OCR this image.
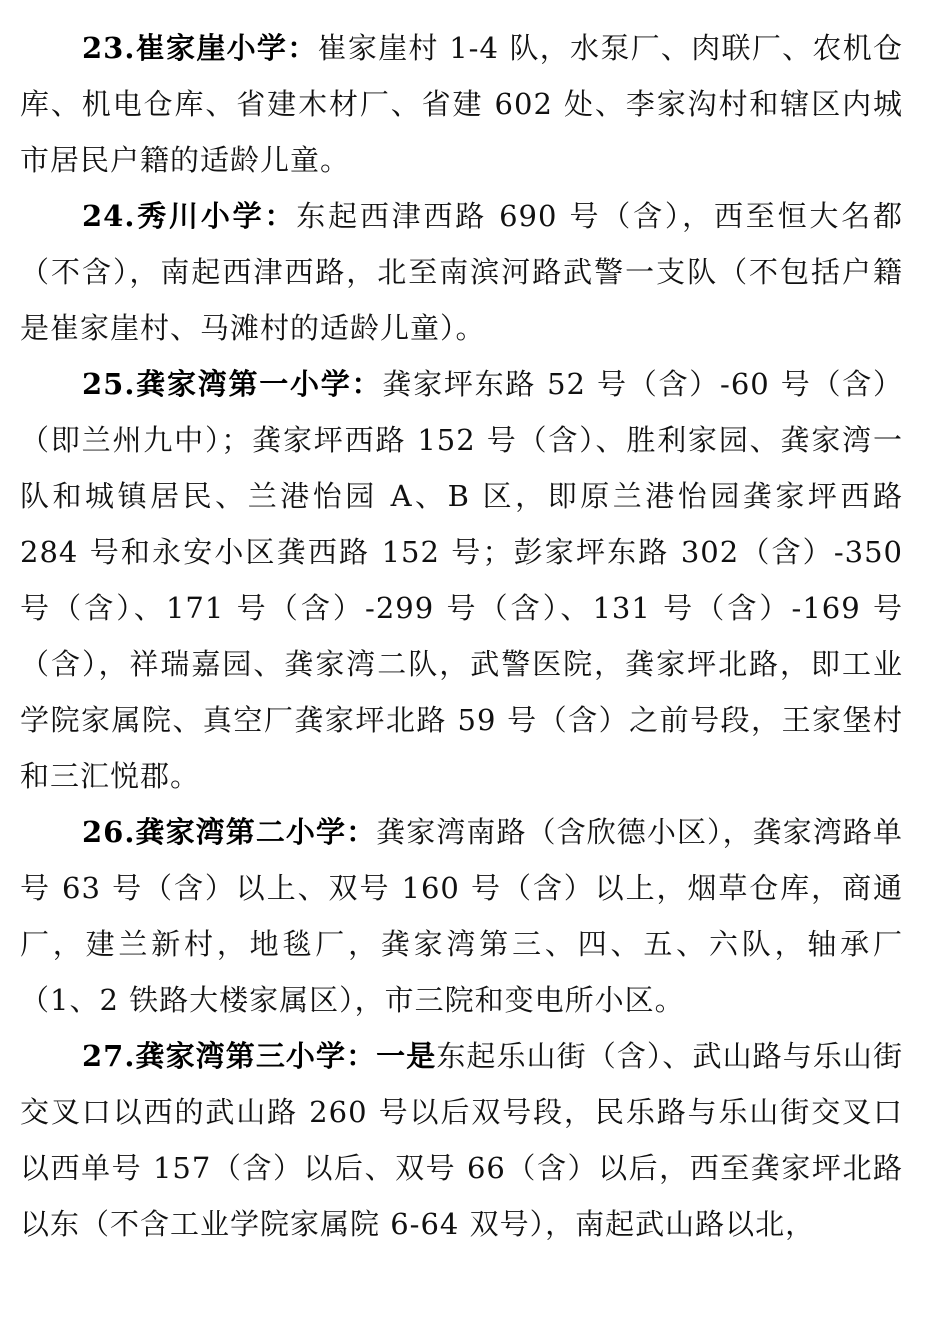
23.崔家崖小学：崔家崖村 1-4 队，水泵厂、肉联厂、农机仓库、机电仓库、省建木材厂、省建 602 处、李家沟村和辖区内城市居民户籍的适龄儿童。

24.秀川小学：东起西津西路 690 号（含），西至恒大名都（不含），南起西津西路，北至南滨河路武警一支队（不包括户籍是崔家崖村、马滩村的适龄儿童）。

25.龚家湾第一小学：龚家坪东路 52 号（含）-60 号（含）（即兰州九中）；龚家坪西路 152 号（含）、胜利家园、龚家湾一队和城镇居民、兰港怡园 A、B 区，即原兰港怡园龚家坪西路 284 号和永安小区龚西路 152 号；彭家坪东路 302（含）-350 号（含）、171 号（含）-299 号（含）、131 号（含）-169 号（含），祥瑞嘉园、龚家湾二队，武警医院，龚家坪北路，即工业学院家属院、真空厂龚家坪北路 59 号（含）之前号段，王家堡村和三汇悦郡。

26.龚家湾第二小学：龚家湾南路（含欣德小区），龚家湾路单号 63 号（含）以上、双号 160 号（含）以上，烟草仓库，商通厂，建兰新村，地毯厂，龚家湾第三、四、五、六队，轴承厂（1、2 铁路大楼家属区），市三院和变电所小区。

27.龚家湾第三小学：一是东起乐山街（含）、武山路与乐山街交叉口以西的武山路 260 号以后双号段，民乐路与乐山街交叉口以西单号 157（含）以后、双号 66（含）以后，西至龚家坪北路以东（不含工业学院家属院 6-64 双号），南起武山路以北，
